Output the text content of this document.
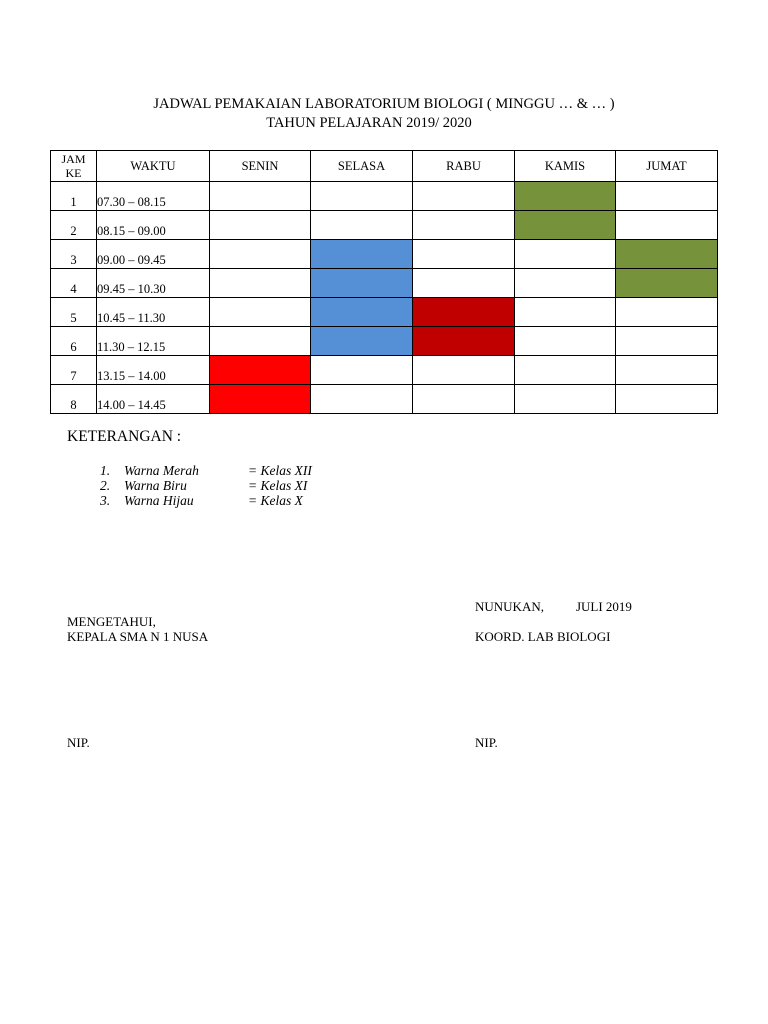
JADWAL PEMAKAIAN LABORATORIUM BIOLOGI ( MINGGU … & … )
TAHUN PELAJARAN 2019/ 2020
JAM
KE	WAKTU	SENIN	SELASA	RABU	KAMIS	JUMAT
1	07.30 – 08.15					
2	08.15 – 09.00					
3	09.00 – 09.45					
4	09.45 – 10.30					
5	10.45 – 11.30					
6	11.30 – 12.15					
7	13.15 – 14.00					
8	14.00 – 14.45					
KETERANGAN :
1.	Warna Merah	= Kelas XII
2.	Warna Biru	= Kelas XI
3.	Warna Hijau	= Kelas X
NUNUKAN, JULI 2019
MENGETAHUI,
KEPALA SMA N 1 NUSA	KOORD. LAB BIOLOGI
NIP.	NIP.
